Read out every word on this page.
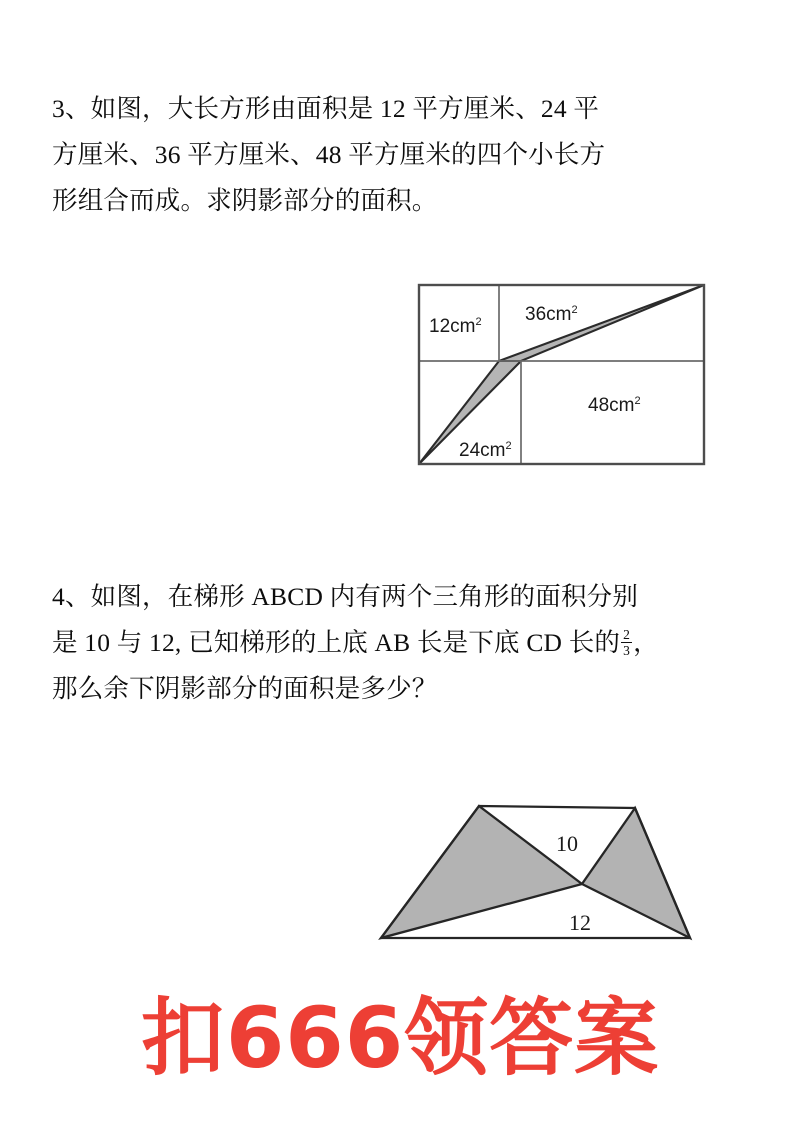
3、如图，大长方形由面积是 12 平方厘米、24 平
方厘米、36 平方厘米、48 平方厘米的四个小长方
形组合而成。求阴影部分的面积。
$12cm^2$ $36cm^2$
$24cm^2$
$48cm^2$
4、如图，在梯形 ABCD 内有两个三角形的面积分别
是 10 与 12, 已知梯形的上底 AB 长是下底 CD 长的 $\frac{2}{3}$ ，
那么余下阴影部分的面积是多少？
10
12
扣666领答案
